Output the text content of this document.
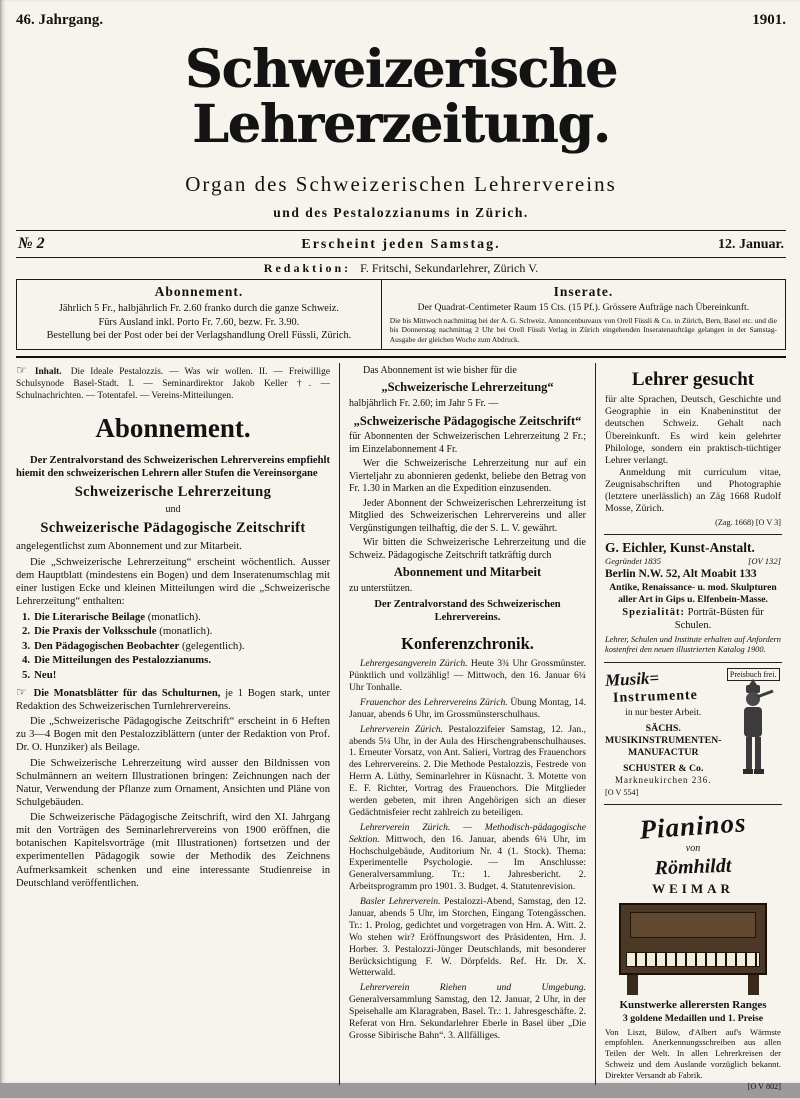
46. Jahrgang.	1901.
Schweizerische Lehrerzeitung.
Organ des Schweizerischen Lehrervereins
und des Pestalozzianums in Zürich.
№ 2	Erscheint jeden Samstag.	12. Januar.
Redaktion: F. Fritschi, Sekundarlehrer, Zürich V.
Abonnement.
Jährlich 5 Fr., halbjährlich Fr. 2.60 franko durch die ganze Schweiz.
Fürs Ausland inkl. Porto Fr. 7.60, bezw. Fr. 3.90.
Bestellung bei der Post oder bei der Verlagshandlung Orell Füssli, Zürich.
Inserate.
Der Quadrat-Centimeter Raum 15 Cts. (15 Pf.). Grössere Aufträge nach Übereinkunft.
Die bis Mittwoch nachmittag bei der A. G. Schweiz. Annoncenbureaux von Orell Füssli & Co. in Zürich, Bern, Basel etc. und die bis Donnerstag nachmittag 2 Uhr bei Orell Füssli Verlag in Zürich eingehenden Inseratenaufträge gelangen in der Samstag-Ausgabe der gleichen Woche zum Abdruck.

☞ Inhalt. Die Ideale Pestalozzis. — Was wir wollen. II. — Freiwillige Schulsynode Basel-Stadt. I. — Seminardirektor Jakob Keller †. — Schulnachrichten. — Totentafel. — Vereins-Mitteilungen.

Abonnement.

Der Zentralvorstand des Schweizerischen Lehrervereins empfiehlt hiemit den schweizerischen Lehrern aller Stufen die Vereinsorgane

Schweizerische Lehrerzeitung
und
Schweizerische Pädagogische Zeitschrift

angelegentlichst zum Abonnement und zur Mitarbeit.

Die „Schweizerische Lehrerzeitung“ erscheint wöchentlich. Ausser dem Hauptblatt (mindestens ein Bogen) und dem Inseratenumschlag mit einer lustigen Ecke und kleinen Mitteilungen wird die „Schweizerische Lehrerzeitung“ enthalten:

1. Die Literarische Beilage (monatlich).
2. Die Praxis der Volksschule (monatlich).
3. Den Pädagogischen Beobachter (gelegentlich).
4. Die Mitteilungen des Pestalozzianums.
5. Neu!

☞ Die Monatsblätter für das Schulturnen, je 1 Bogen stark, unter Redaktion des Schweizerischen Turnlehrervereins.

Die „Schweizerische Pädagogische Zeitschrift“ erscheint in 6 Heften zu 3—4 Bogen mit den Pestalozziblättern (unter der Redaktion von Prof. Dr. O. Hunziker) als Beilage.

Die Schweizerische Lehrerzeitung wird ausser den Bildnissen von Schulmännern an weitern Illustrationen bringen: Zeichnungen nach der Natur, Verwendung der Pflanze zum Ornament, Ansichten und Pläne von Schulgebäuden.

Die Schweizerische Pädagogische Zeitschrift, wird den XI. Jahrgang mit den Vorträgen des Seminarlehrervereins von 1900 eröffnen, die botanischen Kapitelsvorträge (mit Illustrationen) fortsetzen und der experimentellen Pädagogik sowie der Methodik des Zeichnens Aufmerksamkeit schenken und eine interessante Studienreise in Deutschland veröffentlichen.

Das Abonnement ist wie bisher für die

„Schweizerische Lehrerzeitung“

halbjährlich Fr. 2.60; im Jahr 5 Fr. —

„Schweizerische Pädagogische Zeitschrift“

für Abonnenten der Schweizerischen Lehrerzeitung 2 Fr.; im Einzelabonnement 4 Fr.

Wer die Schweizerische Lehrerzeitung nur auf ein Vierteljahr zu abonnieren gedenkt, beliebe den Betrag von Fr. 1.30 in Marken an die Expedition einzusenden.

Jeder Abonnent der Schweizerischen Lehrerzeitung ist Mitglied des Schweizerischen Lehrervereins und aller Vergünstigungen teilhaftig, die der S. L. V. gewährt.

Wir bitten die Schweizerische Lehrerzeitung und die Schweiz. Pädagogische Zeitschrift tatkräftig durch

Abonnement und Mitarbeit

zu unterstützen.

Der Zentralvorstand des Schweizerischen Lehrervereins.
Konferenzchronik.

Lehrergesangverein Zürich. Heute 3¾ Uhr Grossmünster. Pünktlich und vollzählig! — Mittwoch, den 16. Januar 6¼ Uhr Tonhalle.

Frauenchor des Lehrervereins Zürich. Übung Montag, 14. Januar, abends 6 Uhr, im Grossmünsterschulhaus.

Lehrerverein Zürich. Pestalozzifeier Samstag, 12. Jan., abends 5¼ Uhr, in der Aula des Hirschengrabenschulhauses. 1. Erneuter Vorsatz, von Ant. Salieri, Vortrag des Frauenchors des Lehrervereins. 2. Die Methode Pestalozzis, Festrede von Herrn A. Lüthy, Seminarlehrer in Küsnacht. 3. Motette von E. F. Richter, Vortrag des Frauenchors. Die Mitglieder werden gebeten, mit ihren Angehörigen sich an dieser Gedächtnisfeier recht zahlreich zu beteiligen.

Lehrerverein Zürich. — Methodisch-pädagogische Sektion. Mittwoch, den 16. Januar, abends 6¼ Uhr, im Hochschulgebäude, Auditorium Nr. 4 (1. Stock). Thema: Experimentelle Psychologie. — Im Anschlusse: Generalversammlung. Tr.: 1. Jahresbericht. 2. Arbeitsprogramm pro 1901. 3. Budget. 4. Statutenrevision.

Basler Lehrerverein. Pestalozzi-Abend, Samstag, den 12. Januar, abends 5 Uhr, im Storchen, Eingang Totengässchen. Tr.: 1. Prolog, gedichtet und vorgetragen von Hrn. A. Witt. 2. Wo stehen wir? Eröffnungswort des Präsidenten, Hrn. J. Horber. 3. Pestalozzi-Jünger Deutschlands, mit besonderer Berücksichtigung F. W. Dörpfelds. Ref. Hr. Dr. X. Wetterwald.

Lehrerverein Riehen und Umgebung. Generalversammlung Samstag, den 12. Januar, 2 Uhr, in der Speisehalle am Klaragraben, Basel. Tr.: 1. Jahresgeschäfte. 2. Referat von Hrn. Sekundarlehrer Eberle in Basel über „Die Grosse Sibirische Bahn“. 3. Allfälliges.

Lehrer gesucht

für alte Sprachen, Deutsch, Geschichte und Geographie in ein Knabeninstitut der deutschen Schweiz. Gehalt nach Übereinkunft. Es wird kein gelehrter Philologe, sondern ein praktisch-tüchtiger Lehrer verlangt.

Anmeldung mit curriculum vitae, Zeugnisabschriften und Photographie (letztere unerlässlich) an Zäg 1668 Rudolf Mosse, Zürich.

(Zag. 1668) [O V 3]
G. Eichler, Kunst-Anstalt.
Gegründet 1835	[OV 132]
Berlin N.W. 52, Alt Moabit 133
Antike, Renaissance- u. mod. Skulpturen aller Art in Gips u. Elfenbein-Masse.
Spezialität: Porträt-Büsten für Schulen.
Lehrer, Schulen und Institute erhalten auf Anfordern kostenfrei den neuen illustrierten Katalog 1900.
Musik=
Instrumente
in nur bester Arbeit.
SÄCHS. MUSIKINSTRUMENTEN-MANUFACTUR
SCHUSTER & Co.
Markneukirchen 236.
Preisbuch frei.
[O V 554]
Pianinos
von
Römhildt
WEIMAR
Kunstwerke allerersten Ranges
3 goldene Medaillen und 1. Preise

Von Liszt, Bülow, d'Albert auf's Wärmste empfohlen. Anerkennungsschreiben aus allen Teilen der Welt. In allen Lehrerkreisen der Schweiz und dem Auslande vorzüglich bekannt. Direkter Versandt ab Fabrik.

[O V 802]
